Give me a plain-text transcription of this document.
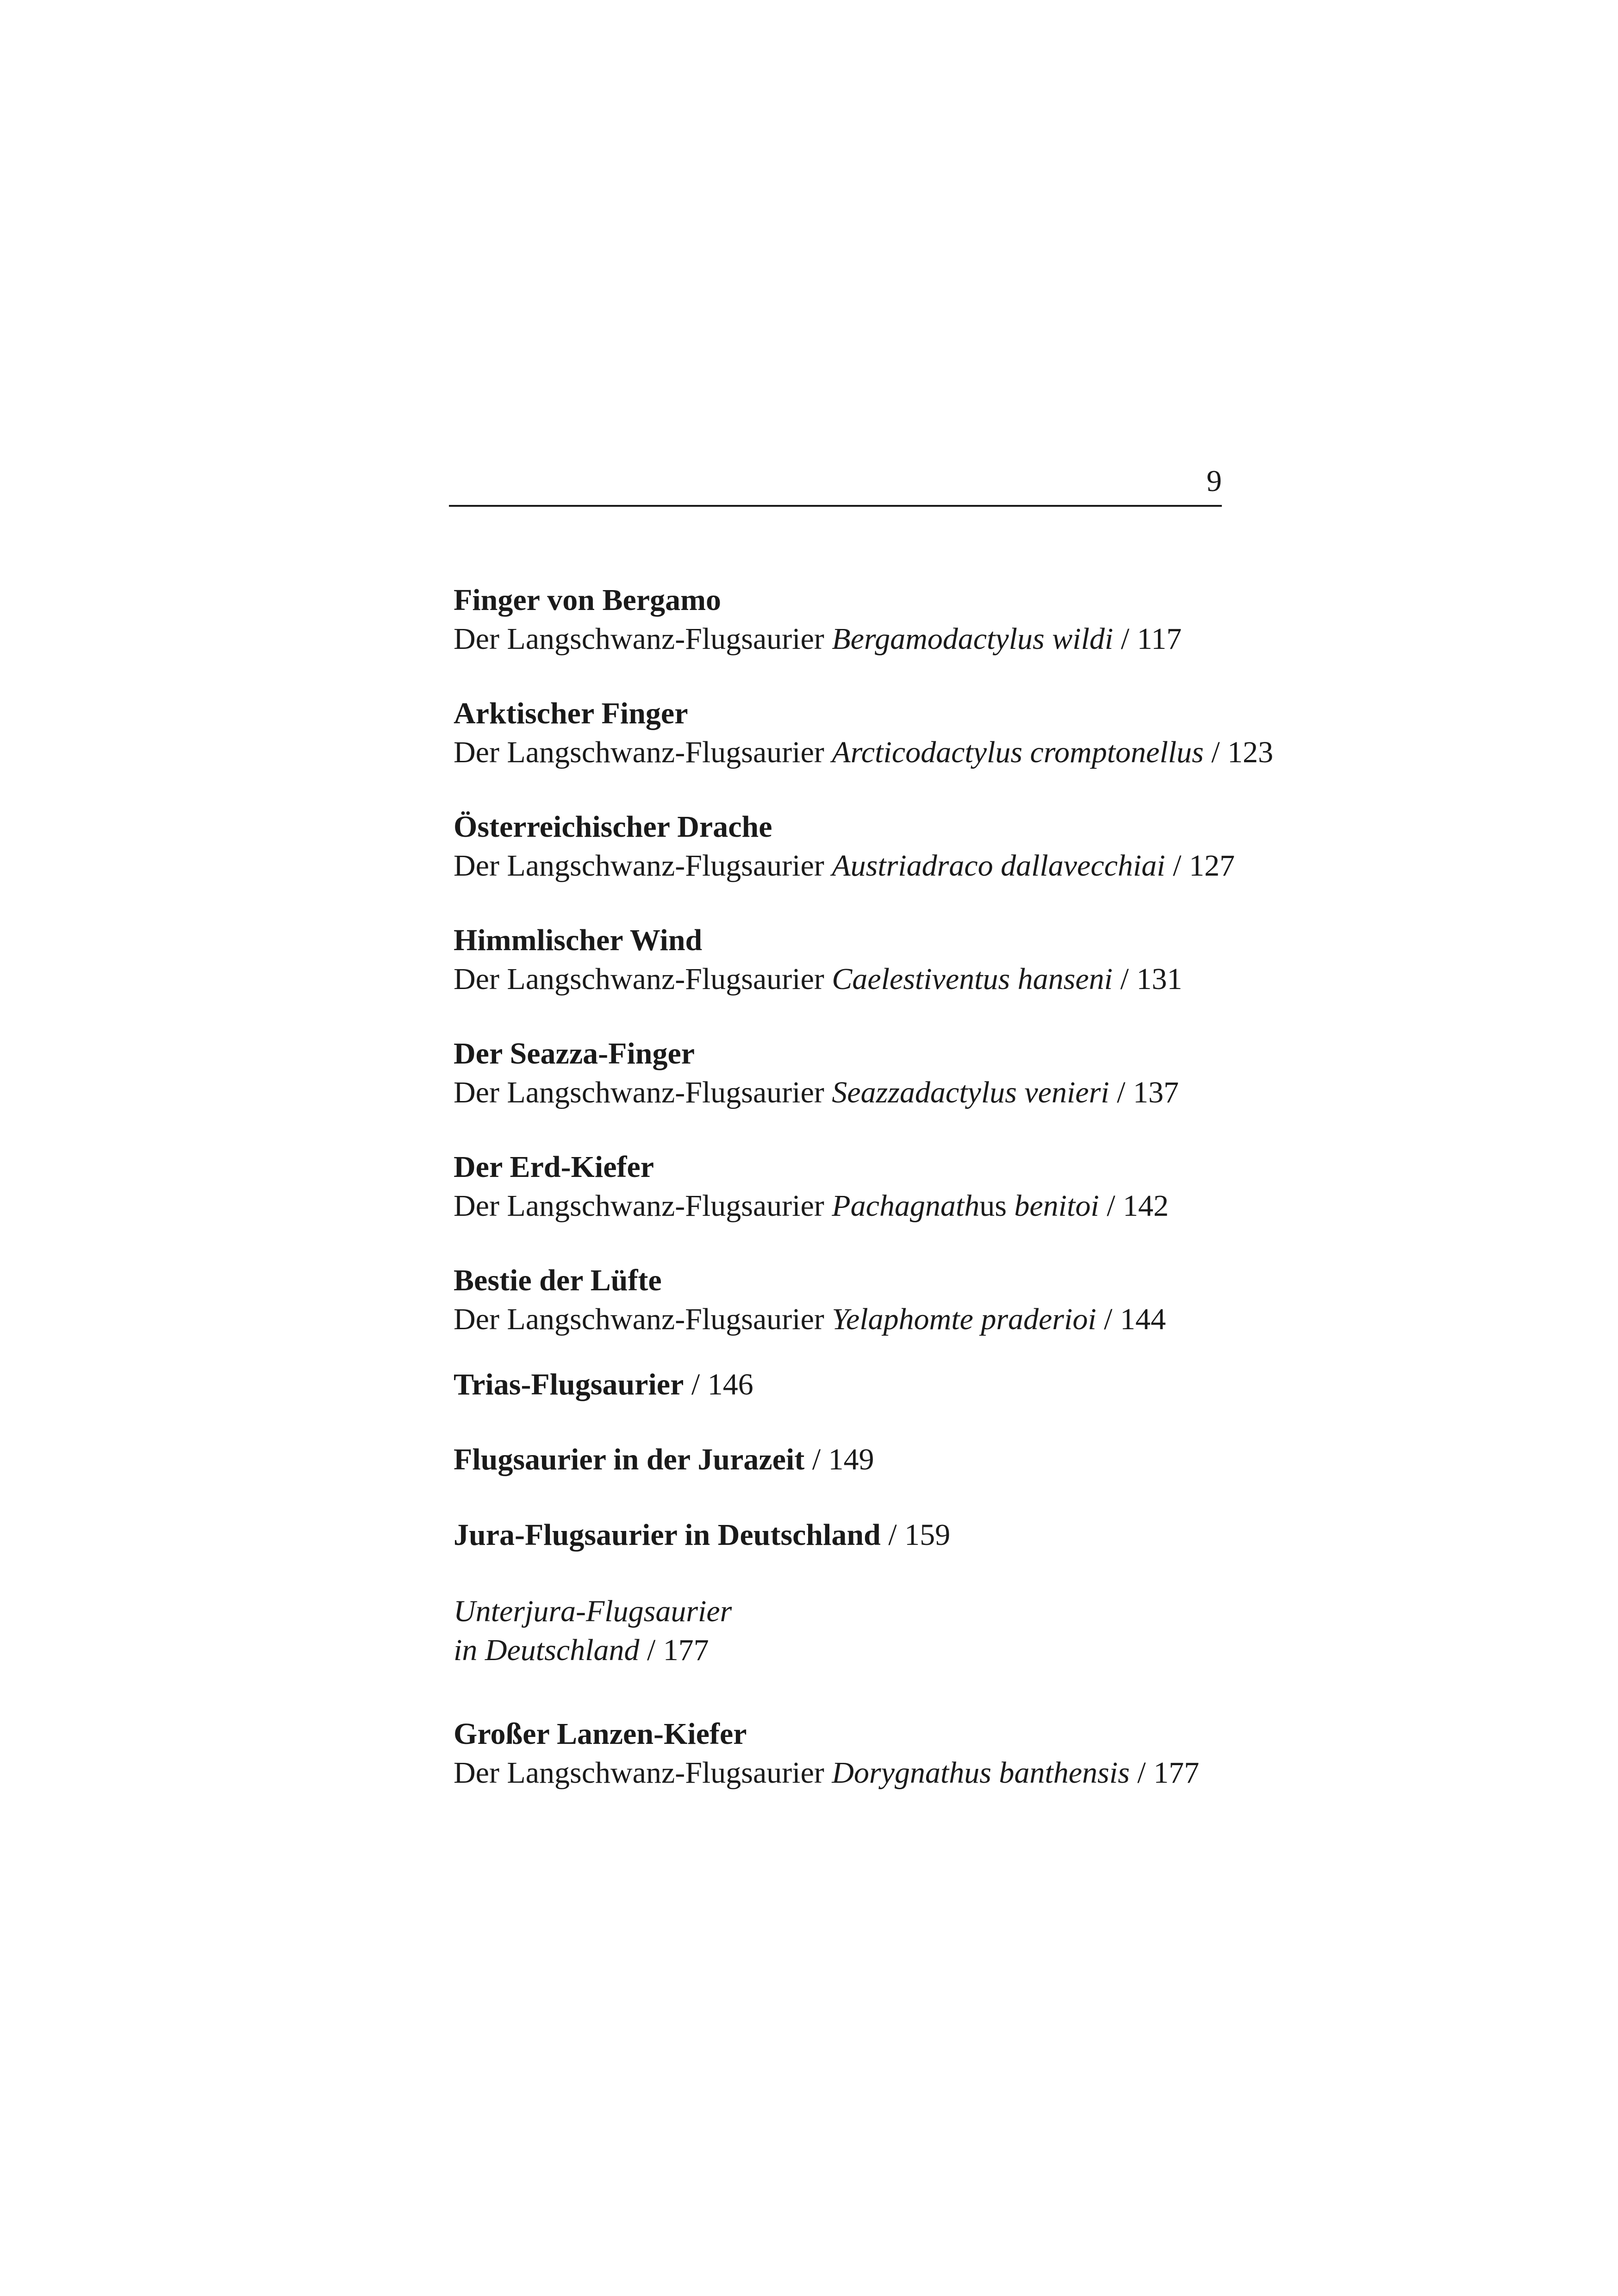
9
Finger von Bergamo
Der Langschwanz-Flugsaurier Bergamodactylus wildi / 117
Arktischer Finger
Der Langschwanz-Flugsaurier Arcticodactylus cromptonellus / 123
Österreichischer Drache
Der Langschwanz-Flugsaurier Austriadraco dallavecchiai / 127
Himmlischer Wind
Der Langschwanz-Flugsaurier Caelestiventus hanseni / 131
Der Seazza-Finger
Der Langschwanz-Flugsaurier Seazzadactylus venieri / 137
Der Erd-Kiefer
Der Langschwanz-Flugsaurier Pachagnathus benitoi / 142
Bestie der Lüfte
Der Langschwanz-Flugsaurier Yelaphomte praderioi / 144
Trias-Flugsaurier / 146
Flugsaurier in der Jurazeit / 149
Jura-Flugsaurier in Deutschland / 159
Unterjura-Flugsaurier
in Deutschland / 177
Großer Lanzen-Kiefer
Der Langschwanz-Flugsaurier Dorygnathus banthensis / 177
